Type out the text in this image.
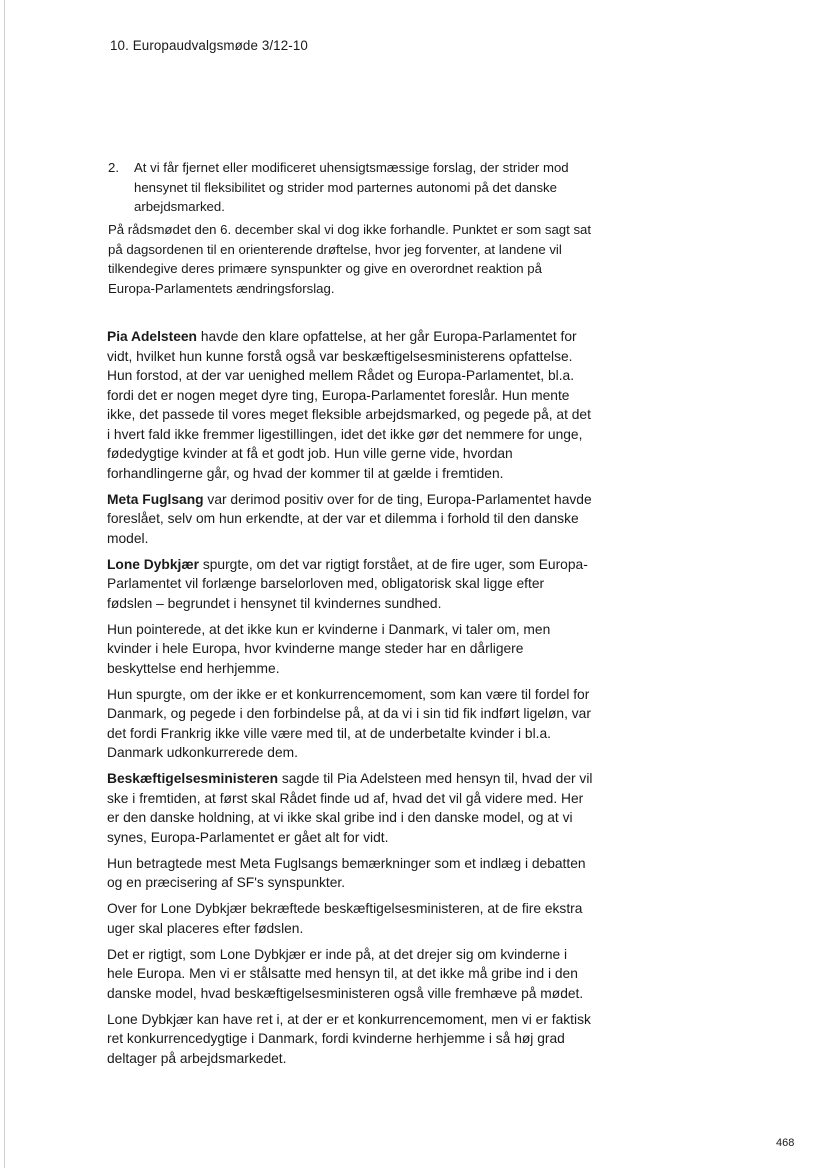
10. Europaudvalgsmøde 3/12-10
2. At vi får fjernet eller modificeret uhensigtsmæssige forslag, der strider mod hensynet til fleksibilitet og strider mod parternes autonomi på det danske arbejdsmarked.

På rådsmødet den 6. december skal vi dog ikke forhandle. Punktet er som sagt sat på dagsordenen til en orienterende drøftelse, hvor jeg forventer, at landene vil tilkendegive deres primære synspunkter og give en overordnet reaktion på Europa-Parlamentets ændringsforslag.

Pia Adelsteen havde den klare opfattelse, at her går Europa-Parlamentet for vidt, hvilket hun kunne forstå også var beskæftigelsesministerens opfattelse. Hun forstod, at der var uenighed mellem Rådet og Europa-Parlamentet, bl.a. fordi det er nogen meget dyre ting, Europa-Parlamentet foreslår. Hun mente ikke, det passede til vores meget fleksible arbejdsmarked, og pegede på, at det i hvert fald ikke fremmer ligestillingen, idet det ikke gør det nemmere for unge, fødedygtige kvinder at få et godt job. Hun ville gerne vide, hvordan forhandlingerne går, og hvad der kommer til at gælde i fremtiden.

Meta Fuglsang var derimod positiv over for de ting, Europa-Parlamentet havde foreslået, selv om hun erkendte, at der var et dilemma i forhold til den danske model.

Lone Dybkjær spurgte, om det var rigtigt forstået, at de fire uger, som Europa-Parlamentet vil forlænge barselorloven med, obligatorisk skal ligge efter fødslen – begrundet i hensynet til kvindernes sundhed.

Hun pointerede, at det ikke kun er kvinderne i Danmark, vi taler om, men kvinder i hele Europa, hvor kvinderne mange steder har en dårligere beskyttelse end herhjemme.

Hun spurgte, om der ikke er et konkurrencemoment, som kan være til fordel for Danmark, og pegede i den forbindelse på, at da vi i sin tid fik indført ligeløn, var det fordi Frankrig ikke ville være med til, at de underbetalte kvinder i bl.a. Danmark udkonkurrerede dem.

Beskæftigelsesministeren sagde til Pia Adelsteen med hensyn til, hvad der vil ske i fremtiden, at først skal Rådet finde ud af, hvad det vil gå videre med. Her er den danske holdning, at vi ikke skal gribe ind i den danske model, og at vi synes, Europa-Parlamentet er gået alt for vidt.

Hun betragtede mest Meta Fuglsangs bemærkninger som et indlæg i debatten og en præcisering af SF's synspunkter.

Over for Lone Dybkjær bekræftede beskæftigelsesministeren, at de fire ekstra uger skal placeres efter fødslen.

Det er rigtigt, som Lone Dybkjær er inde på, at det drejer sig om kvinderne i hele Europa. Men vi er stålsatte med hensyn til, at det ikke må gribe ind i den danske model, hvad beskæftigelsesministeren også ville fremhæve på mødet.

Lone Dybkjær kan have ret i, at der er et konkurrencemoment, men vi er faktisk ret konkurrencedygtige i Danmark, fordi kvinderne herhjemme i så høj grad deltager på arbejdsmarkedet.

468
